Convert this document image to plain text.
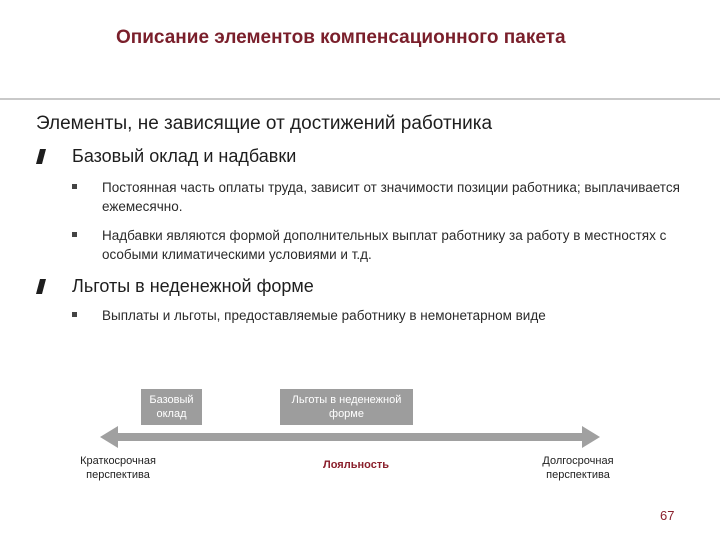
Описание элементов компенсационного пакета
Элементы, не зависящие от достижений работника
Базовый оклад и надбавки
Постоянная часть оплаты труда, зависит от значимости позиции работника; выплачивается ежемесячно.
Надбавки являются формой дополнительных выплат работнику за работу в местностях с особыми климатическими условиями и т.д.
Льготы в неденежной форме
Выплаты и льготы, предоставляемые работнику в немонетарном виде
Базовый оклад
Льготы в неденежной форме
Краткосрочная перспектива
Лояльность	Долгосрочная перспектива
67
